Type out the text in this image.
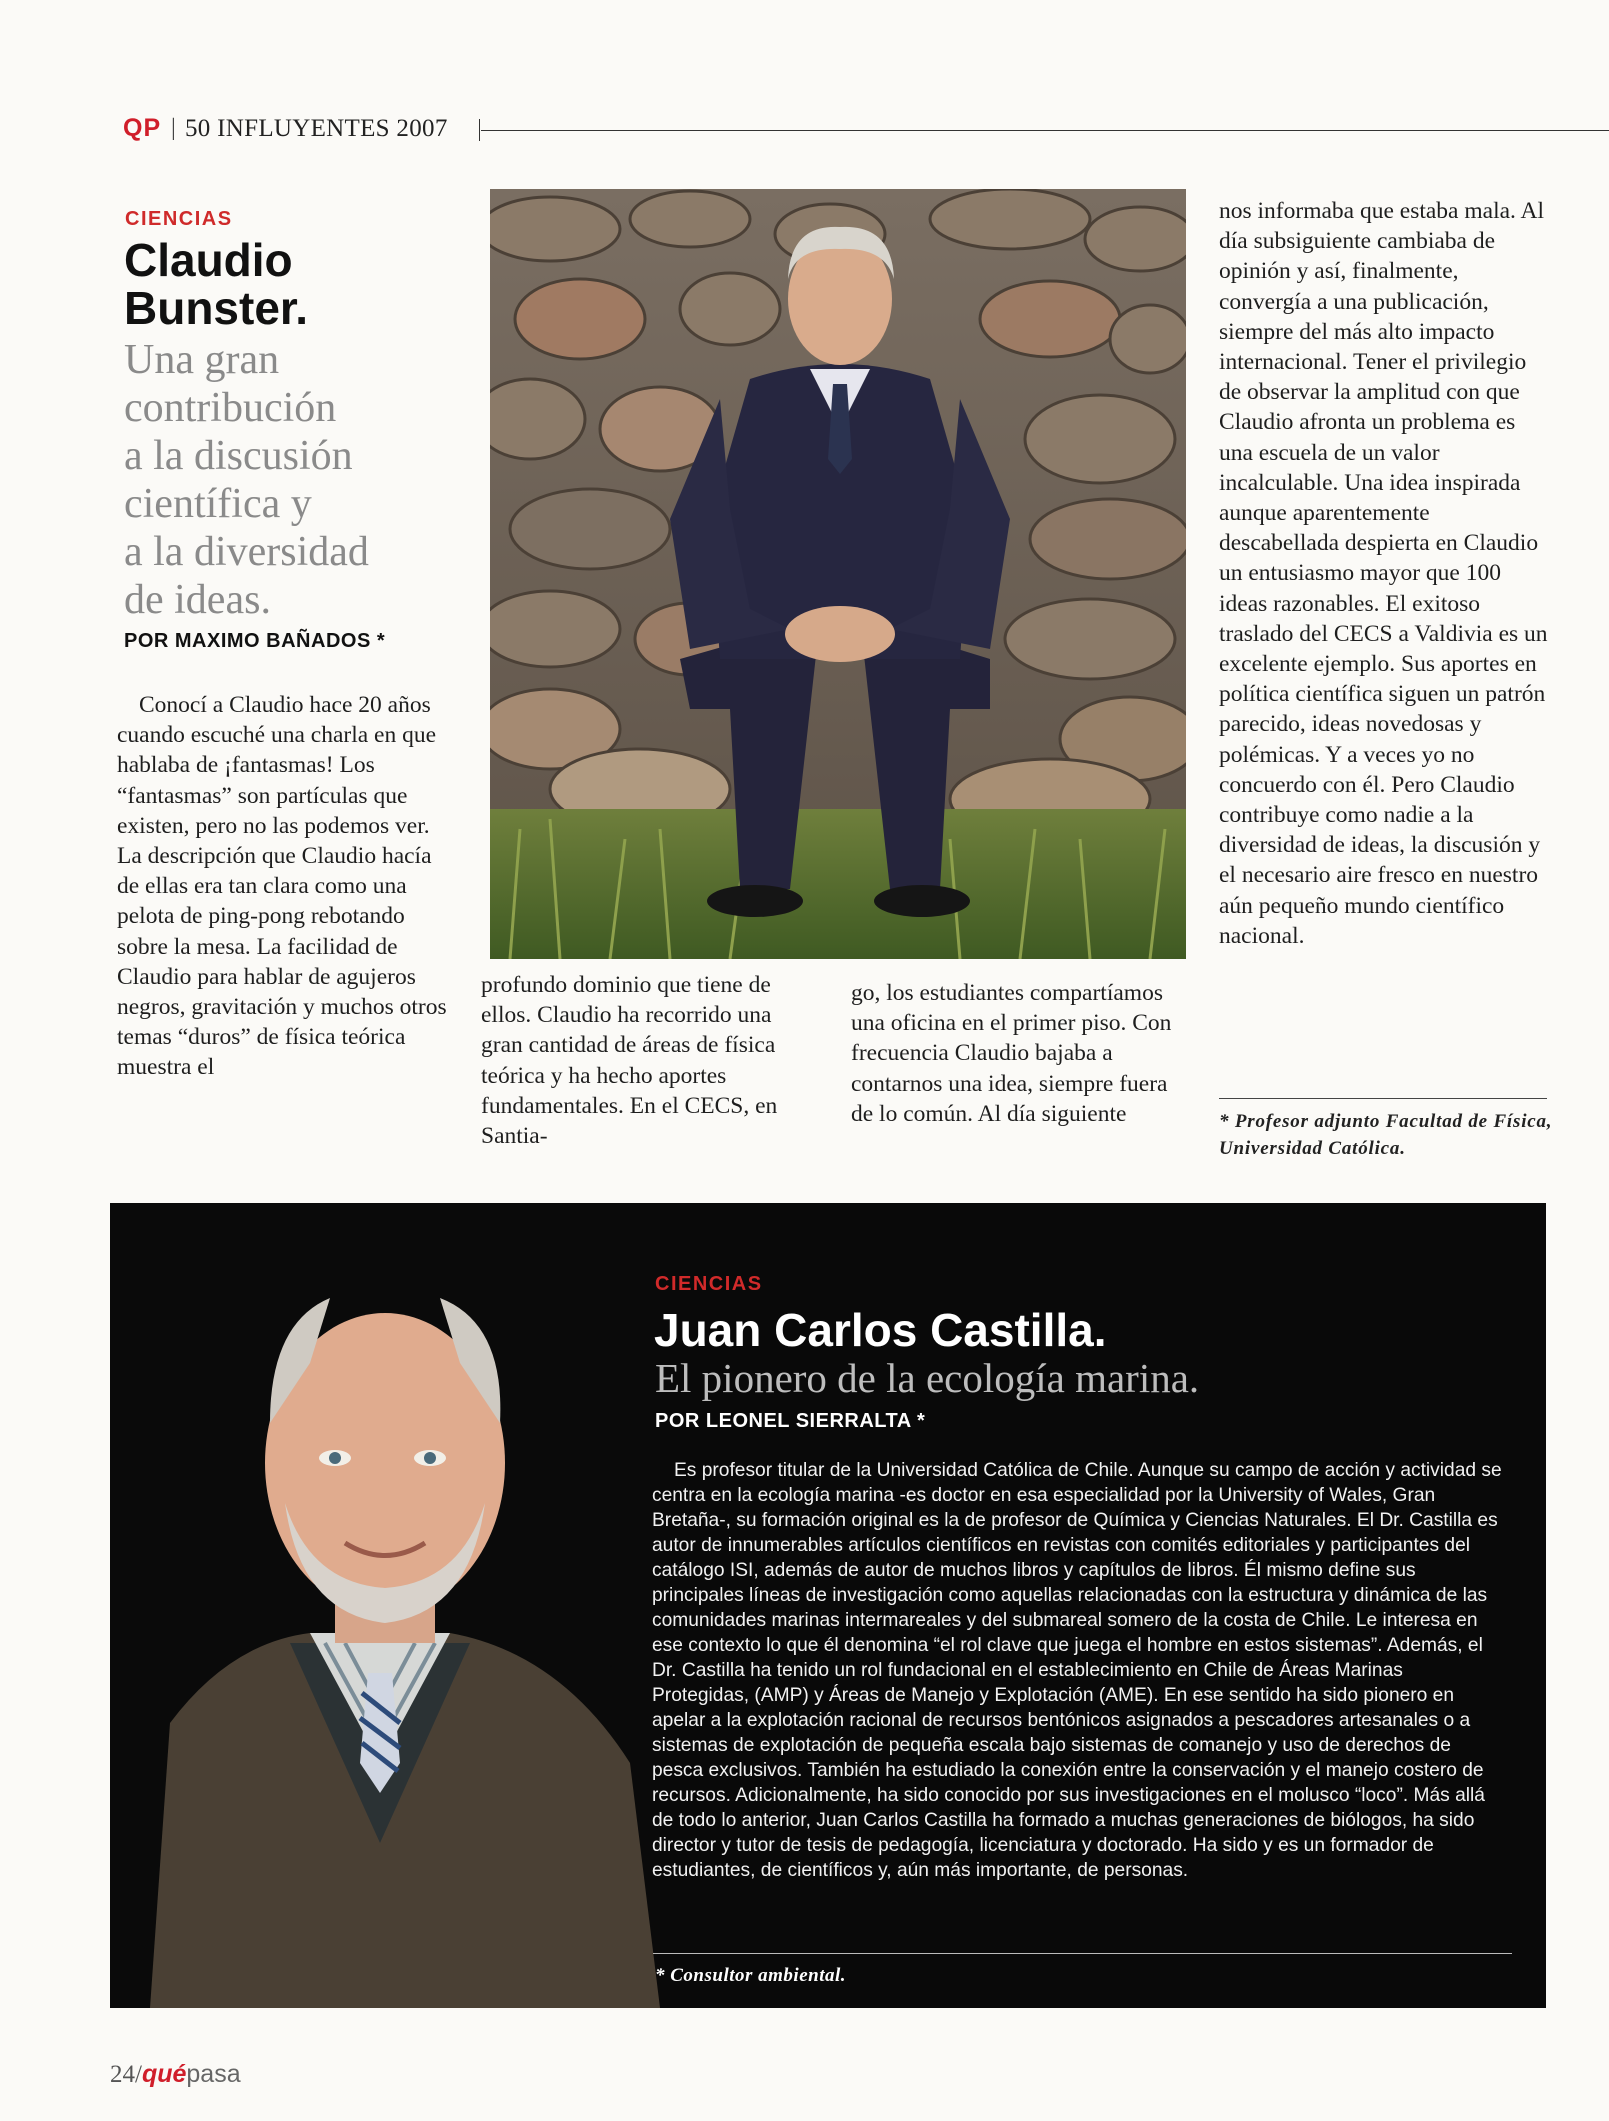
QP | 50 INFLUYENTES 2007
CIENCIAS
Claudio
Bunster.
Una gran
contribución
a la discusión
científica y
a la diversidad
de ideas.
POR MAXIMO BAÑADOS *

Conocí a Claudio hace 20 años cuando escuché una charla en que hablaba de ¡fantasmas! Los “fantasmas” son partículas que existen, pero no las podemos ver. La descripción que Claudio hacía de ellas era tan clara como una pelota de ping-pong rebotando sobre la mesa. La facilidad de Claudio para hablar de agujeros negros, gravitación y muchos otros temas “duros” de física teórica muestra el

profundo dominio que tiene de ellos. Claudio ha recorrido una gran cantidad de áreas de física teórica y ha hecho aportes fundamentales. En el CECS, en Santia-

go, los estudiantes compartíamos una oficina en el primer piso. Con frecuencia Claudio bajaba a contarnos una idea, siempre fuera de lo común. Al día siguiente

nos informaba que estaba mala. Al día subsiguiente cambiaba de opinión y así, finalmente, convergía a una publicación, siempre del más alto impacto internacional. Tener el privilegio de observar la amplitud con que Claudio afronta un problema es una escuela de un valor incalculable. Una idea inspirada aunque aparentemente descabellada despierta en Claudio un entusiasmo mayor que 100 ideas razonables. El exitoso traslado del CECS a Valdivia es un excelente ejemplo. Sus aportes en política científica siguen un patrón parecido, ideas novedosas y polémicas. Y a veces yo no concuerdo con él. Pero Claudio contribuye como nadie a la diversidad de ideas, la discusión y el necesario aire fresco en nuestro aún pequeño mundo científico nacional.

* Profesor adjunto Facultad de Física, Universidad Católica.
CIENCIAS
Juan Carlos Castilla.
El pionero de la ecología marina.
POR LEONEL SIERRALTA *

Es profesor titular de la Universidad Católica de Chile. Aunque su campo de acción y actividad se centra en la ecología marina -es doctor en esa especialidad por la University of Wales, Gran Bretaña-, su formación original es la de profesor de Química y Ciencias Naturales. El Dr. Castilla es autor de innumerables artículos científicos en revistas con comités editoriales y participantes del catálogo ISI, además de autor de muchos libros y capítulos de libros. Él mismo define sus principales líneas de investigación como aquellas relacionadas con la estructura y dinámica de las comunidades marinas intermareales y del submareal somero de la costa de Chile. Le interesa en ese contexto lo que él denomina “el rol clave que juega el hombre en estos sistemas”. Además, el Dr. Castilla ha tenido un rol fundacional en el establecimiento en Chile de Áreas Marinas Protegidas, (AMP) y Áreas de Manejo y Explotación (AME). En ese sentido ha sido pionero en apelar a la explotación racional de recursos bentónicos asignados a pescadores artesanales o a sistemas de explotación de pequeña escala bajo sistemas de comanejo y uso de derechos de pesca exclusivos. También ha estudiado la conexión entre la conservación y el manejo costero de recursos. Adicionalmente, ha sido conocido por sus investigaciones en el molusco “loco”. Más allá de todo lo anterior, Juan Carlos Castilla ha formado a muchas generaciones de biólogos, ha sido director y tutor de tesis de pedagogía, licenciatura y doctorado. Ha sido y es un formador de estudiantes, de científicos y, aún más importante, de personas.

* Consultor ambiental.
24/quépasa
